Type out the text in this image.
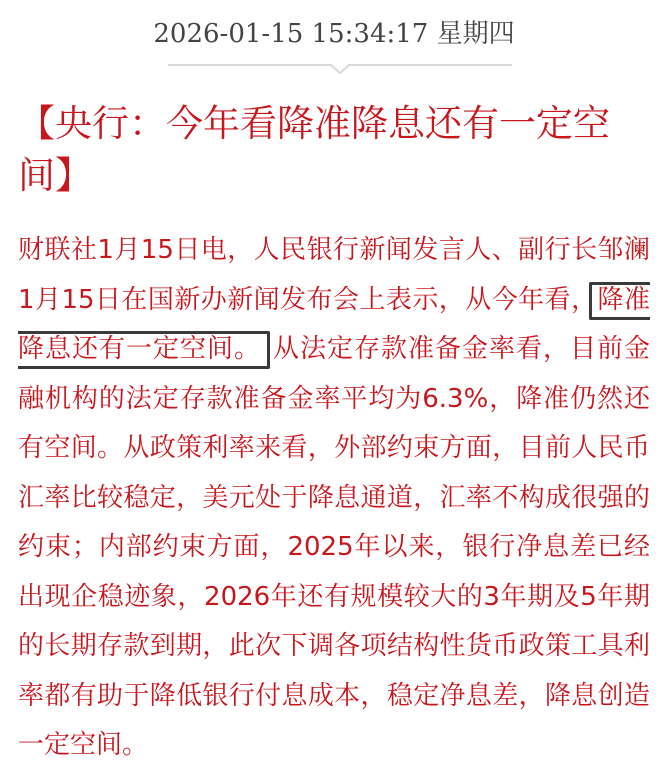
2026-01-15 15:34:17 星期四
【央行：今年看降准降息还有一定空间】

财联社1月15日电，人民银行新闻发言人、副行长邹澜1月15日在国新办新闻发布会上表示，从今年看，降准降息还有一定空间。 从法定存款准备金率看，目前金融机构的法定存款准备金率平均为6.3%，降准仍然还有空间。从政策利率来看，外部约束方面，目前人民币汇率比较稳定，美元处于降息通道，汇率不构成很强的约束；内部约束方面，2025年以来，银行净息差已经出现企稳迹象，2026年还有规模较大的3年期及5年期的长期存款到期，此次下调各项结构性货币政策工具利率都有助于降低银行付息成本，稳定净息差，降息创造一定空间。
